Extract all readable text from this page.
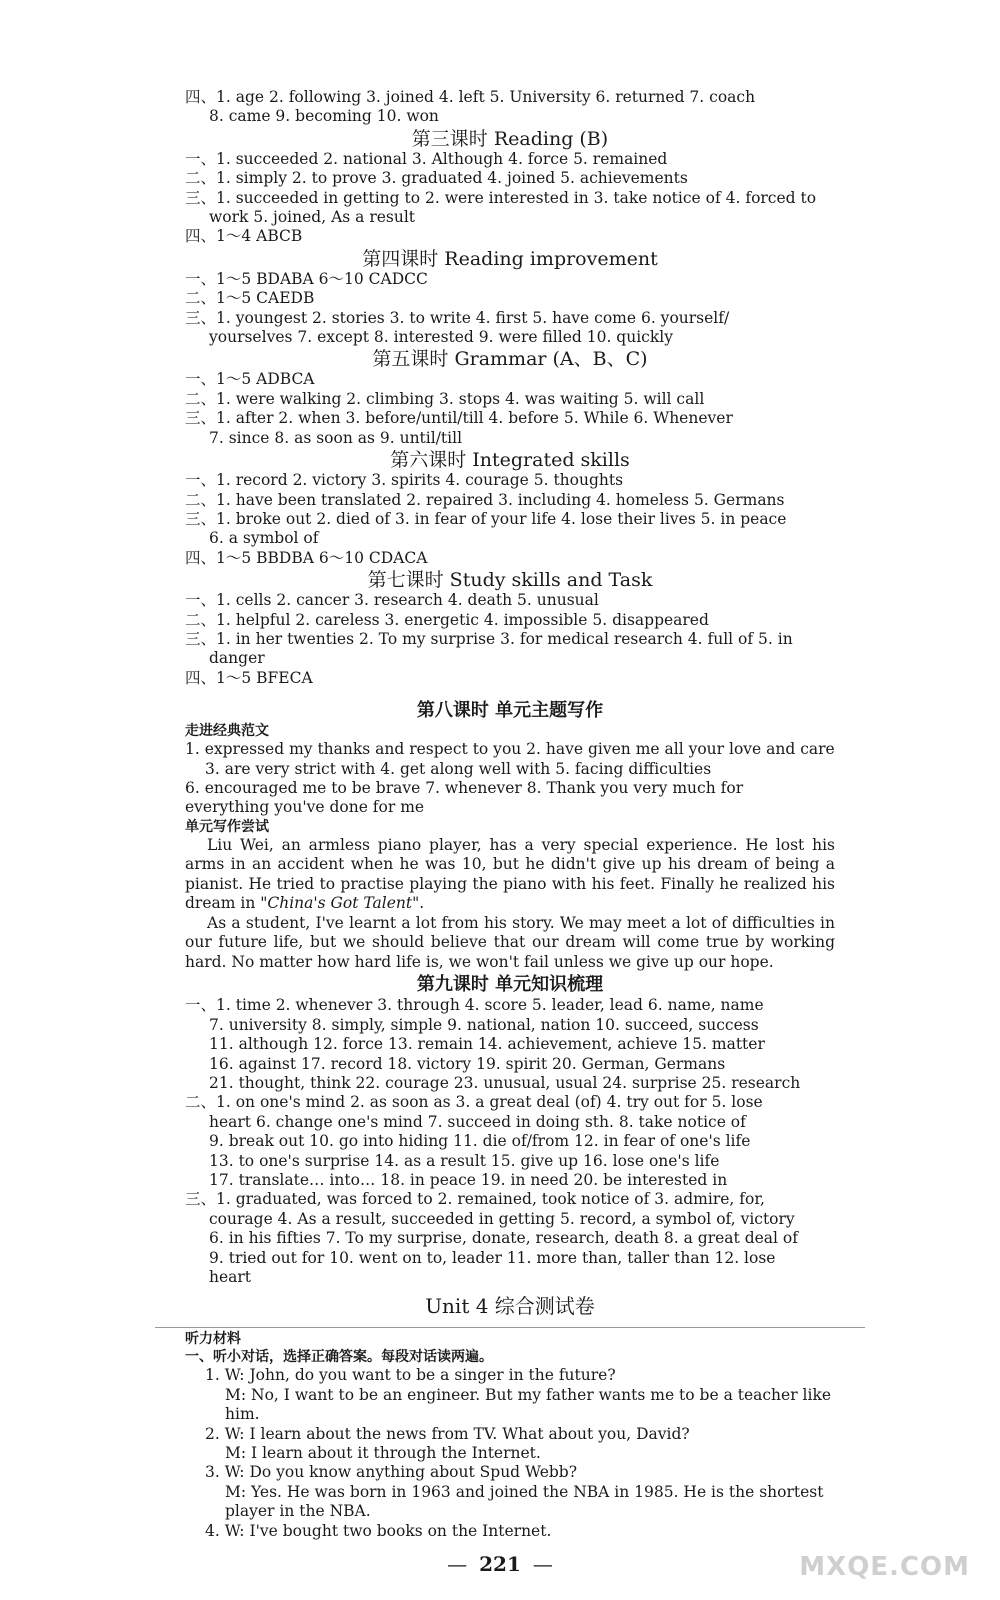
四、1. age 2. following 3. joined 4. left 5. University 6. returned 7. coach
8. came 9. becoming 10. won
第三课时 Reading (B)
一、1. succeeded 2. national 3. Although 4. force 5. remained
二、1. simply 2. to prove 3. graduated 4. joined 5. achievements
三、1. succeeded in getting to 2. were interested in 3. take notice of 4. forced to
work 5. joined, As a result
四、1～4 ABCB
第四课时 Reading improvement
一、1～5 BDABA 6～10 CADCC
二、1～5 CAEDB
三、1. youngest 2. stories 3. to write 4. first 5. have come 6. yourself/
yourselves 7. except 8. interested 9. were filled 10. quickly
第五课时 Grammar (A、B、C)
一、1～5 ADBCA
二、1. were walking 2. climbing 3. stops 4. was waiting 5. will call
三、1. after 2. when 3. before/until/till 4. before 5. While 6. Whenever
7. since 8. as soon as 9. until/till
第六课时 Integrated skills
一、1. record 2. victory 3. spirits 4. courage 5. thoughts
二、1. have been translated 2. repaired 3. including 4. homeless 5. Germans
三、1. broke out 2. died of 3. in fear of your life 4. lose their lives 5. in peace
6. a symbol of
四、1～5 BBDBA 6～10 CDACA
第七课时 Study skills and Task
一、1. cells 2. cancer 3. research 4. death 5. unusual
二、1. helpful 2. careless 3. energetic 4. impossible 5. disappeared
三、1. in her twenties 2. To my surprise 3. for medical research 4. full of 5. in
danger
四、1～5 BFECA
第八课时 单元主题写作
走进经典范文
1. expressed my thanks and respect to you 2. have given me all your love and care
3. are very strict with 4. get along well with 5. facing difficulties
6. encouraged me to be brave 7. whenever 8. Thank you very much for
everything you've done for me
单元写作尝试
Liu Wei, an armless piano player, has a very special experience. He lost his arms in an accident when he was 10, but he didn't give up his dream of being a pianist. He tried to practise playing the piano with his feet. Finally he realized his dream in "China's Got Talent".
As a student, I've learnt a lot from his story. We may meet a lot of difficulties in our future life, but we should believe that our dream will come true by working hard. No matter how hard life is, we won't fail unless we give up our hope.
第九课时 单元知识梳理
一、1. time 2. whenever 3. through 4. score 5. leader, lead 6. name, name
7. university 8. simply, simple 9. national, nation 10. succeed, success
11. although 12. force 13. remain 14. achievement, achieve 15. matter
16. against 17. record 18. victory 19. spirit 20. German, Germans
21. thought, think 22. courage 23. unusual, usual 24. surprise 25. research
二、1. on one's mind 2. as soon as 3. a great deal (of) 4. try out for 5. lose
heart 6. change one's mind 7. succeed in doing sth. 8. take notice of
9. break out 10. go into hiding 11. die of/from 12. in fear of one's life
13. to one's surprise 14. as a result 15. give up 16. lose one's life
17. translate… into… 18. in peace 19. in need 20. be interested in
三、1. graduated, was forced to 2. remained, took notice of 3. admire, for,
courage 4. As a result, succeeded in getting 5. record, a symbol of, victory
6. in his fifties 7. To my surprise, donate, research, death 8. a great deal of
9. tried out for 10. went on to, leader 11. more than, taller than 12. lose
heart
Unit 4 综合测试卷
听力材料
一、听小对话，选择正确答案。每段对话读两遍。
1. W: John, do you want to be a singer in the future?
M: No, I want to be an engineer. But my father wants me to be a teacher like him.
2. W: I learn about the news from TV. What about you, David?
M: I learn about it through the Internet.
3. W: Do you know anything about Spud Webb?
M: Yes. He was born in 1963 and joined the NBA in 1985. He is the shortest player in the NBA.
4. W: I've bought two books on the Internet.
— 221 —	MXQE.COM
